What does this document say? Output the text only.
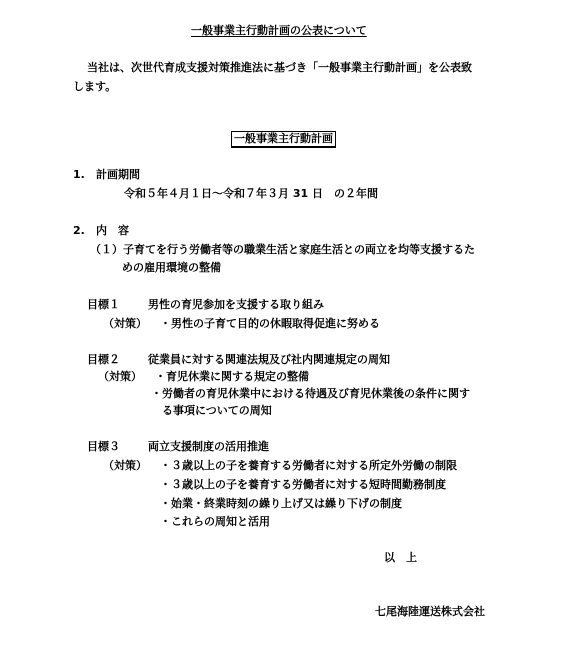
一般事業主行動計画の公表について
当社は、次世代育成支援対策推進法に基づき「一般事業主行動計画」を公表致
します。
一般事業主行動計画
1. 計画期間
令和５年４月１日～令和７年３月 31 日　の２年間
2. 内　容
（１）子育てを行う労働者等の職業生活と家庭生活との両立を均等支援するた
めの雇用環境の整備
目標１	男性の育児参加を支援する取り組み
（対策） ・男性の子育て目的の休暇取得促進に努める
目標２	従業員に対する関連法規及び社内関連規定の周知
（対策） ・育児休業に関する規定の整備
・労働者の育児休業中における待遇及び育児休業後の条件に関す
る事項についての周知
目標３	両立支援制度の活用推進
（対策） ・３歳以上の子を養育する労働者に対する所定外労働の制限
・３歳以上の子を養育する労働者に対する短時間勤務制度
・始業・終業時刻の繰り上げ又は繰り下げの制度
・これらの周知と活用
以　上
七尾海陸運送株式会社
